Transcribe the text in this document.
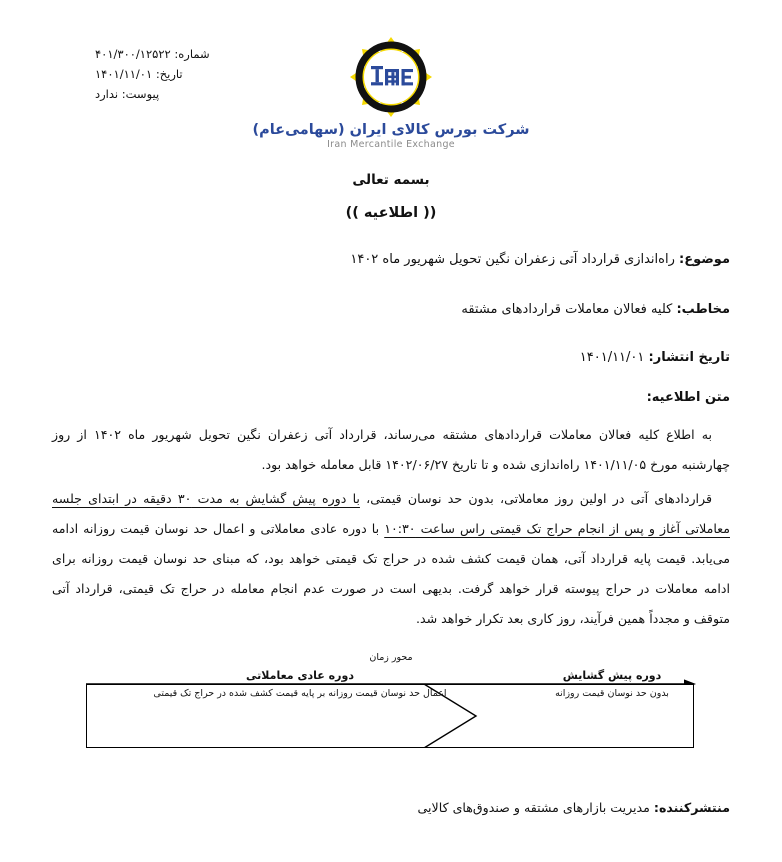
شماره: ۴۰۱/۳۰۰/۱۲۵۲۲
تاریخ: ۱۴۰۱/۱۱/۰۱
پیوست: ندارد
شرکت بورس کالای ایران (سهامی‌عام)
Iran Mercantile Exchange
بسمه تعالی
(( اطلاعیه ))
موضوع: راه‌اندازی قرارداد آتی زعفران نگین تحویل شهریور ماه ۱۴۰۲
مخاطب: کلیه فعالان معاملات قراردادهای مشتقه
تاریخ انتشار: ۱۴۰۱/۱۱/۰۱
متن اطلاعیه:

به اطلاع کلیه فعالان معاملات قراردادهای مشتقه می‌رساند، قرارداد آتی زعفران نگین تحویل شهریور ماه ۱۴۰۲ از روز چهارشنبه مورخ ۱۴۰۱/۱۱/۰۵ راه‌اندازی شده و تا تاریخ ۱۴۰۲/۰۶/۲۷ قابل معامله خواهد بود.

قراردادهای آتی در اولین روز معاملاتی، بدون حد نوسان قیمتی، با دوره پیش گشایش به مدت ۳۰ دقیقه در ابتدای جلسه معاملاتی آغاز و پس از انجام حراج تک قیمتی راس ساعت ۱۰:۳۰ با دوره عادی معاملاتی و اعمال حد نوسان قیمت روزانه ادامه می‌یابد. قیمت پایه قرارداد آتی، همان قیمت کشف شده در حراج تک قیمتی خواهد بود، که مبنای حد نوسان قیمت روزانه برای ادامه معاملات در حراج پیوسته قرار خواهد گرفت. بدیهی است در صورت عدم انجام معامله در حراج تک قیمتی، قرارداد آتی متوقف و مجدداً همین فرآیند، روز کاری بعد تکرار خواهد شد.

محور زمان
دوره پیش گشایش
بدون حد نوسان قیمت روزانه
دوره عادی معاملاتی
اعمال حد نوسان قیمت روزانه بر پایه قیمت کشف شده در حراج تک قیمتی
منتشرکننده: مدیریت بازارهای مشتقه و صندوق‌های کالایی
